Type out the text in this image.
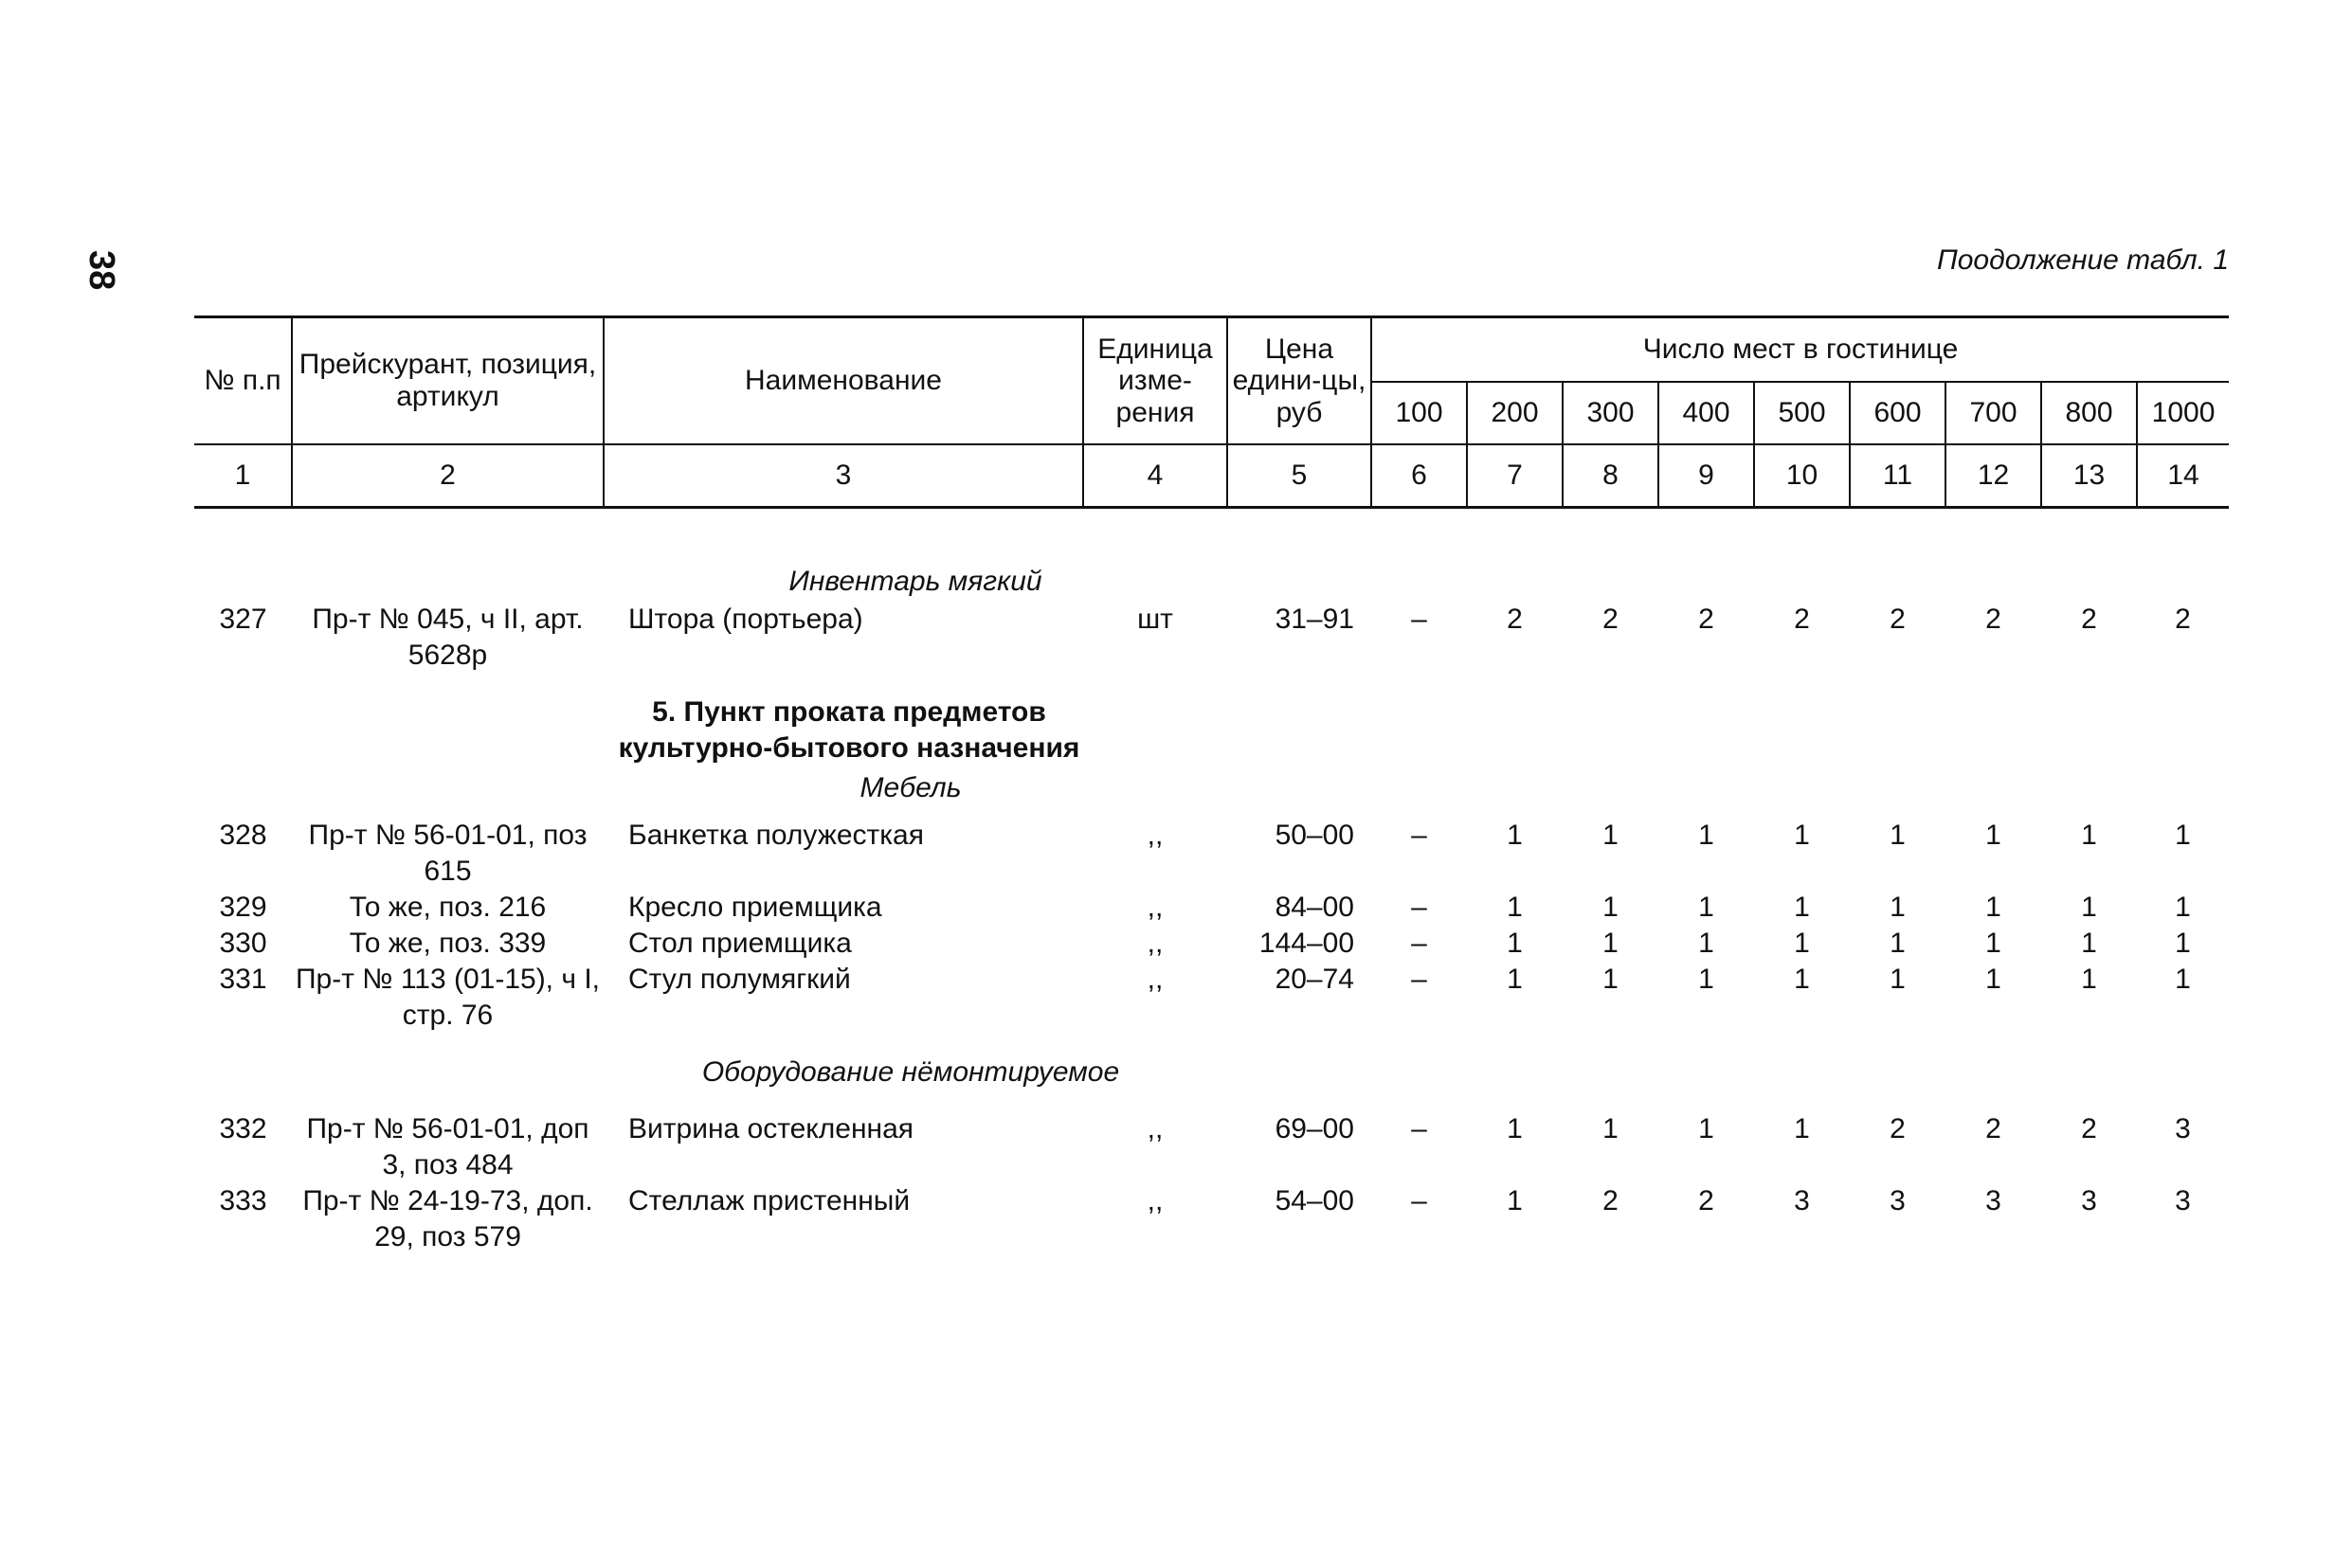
38	Поодолжение табл. 1
№ п.п	Прейскурант, позиция, артикул	Наименование	Единица изме-рения	Цена едини-цы, руб	Число мест в гостинице								
					100	200	300	400	500	600	700	800	1000
1	2	3	4	5	6	7	8	9	10	11	12	13	14

		Инвентарь мягкий											

327	Пр-т № 045, ч II, арт. 5628р	Штора (портьера)	шт	31–91	–	2	2	2	2	2	2	2	2

		5. Пункт проката предметов культурно-бытового назначения											

		Мебель											

328	Пр-т № 56-01-01, поз 615	Банкетка полужесткая	,,	50–00	–	1	1	1	1	1	1	1	1
329	То же, поз. 216	Кресло приемщика	,,	84–00	–	1	1	1	1	1	1	1	1
330	То же, поз. 339	Стол приемщика	,,	144–00	–	1	1	1	1	1	1	1	1
331	Пр-т № 113 (01-15), ч I, стр. 76	Стул полумягкий	,,	20–74	–	1	1	1	1	1	1	1	1

		Оборудование нёмонтируемое											

332	Пр-т № 56-01-01, доп 3, поз 484	Витрина остекленная	,,	69–00	–	1	1	1	1	2	2	2	3
333	Пр-т № 24-19-73, доп. 29, поз 579	Стеллаж пристенный	,,	54–00	–	1	2	2	3	3	3	3	3
